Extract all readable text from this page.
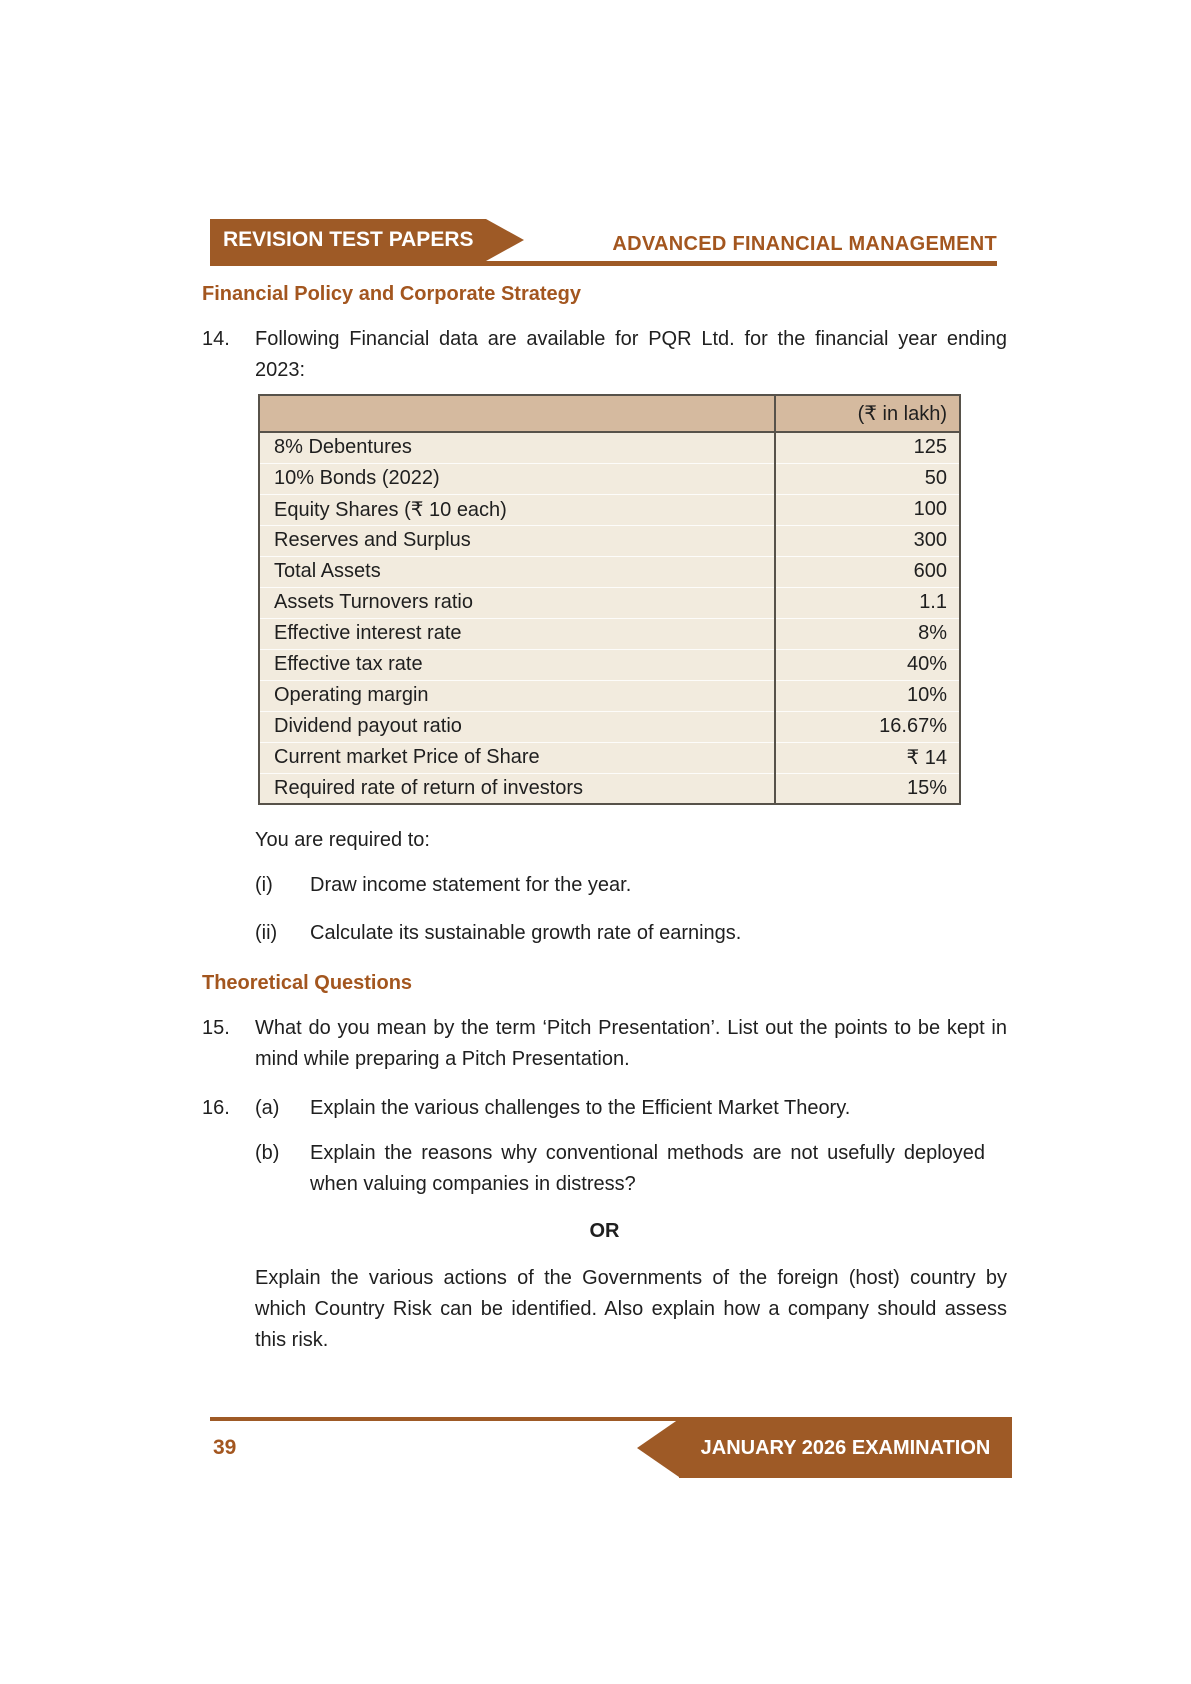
REVISION TEST PAPERS	ADVANCED FINANCIAL MANAGEMENT
Financial Policy and Corporate Strategy
14.	Following Financial data are available for PQR Ltd. for the financial year ending 2023:
	(₹ in lakh)
8% Debentures	125
10% Bonds (2022)	50
Equity Shares (₹ 10 each)	100
Reserves and Surplus	300
Total Assets	600
Assets Turnovers ratio	1.1
Effective interest rate	8%
Effective tax rate	40%
Operating margin	10%
Dividend payout ratio	16.67%
Current market Price of Share	₹ 14
Required rate of return of investors	15%
You are required to:
(i)	Draw income statement for the year.
(ii)	Calculate its sustainable growth rate of earnings.
Theoretical Questions
15.	What do you mean by the term ‘Pitch Presentation’. List out the points to be kept in mind while preparing a Pitch Presentation.
16.	(a)	Explain the various challenges to the Efficient Market Theory.
(b)	Explain the reasons why conventional methods are not usefully deployed when valuing companies in distress?
OR
Explain the various actions of the Governments of the foreign (host) country by which Country Risk can be identified. Also explain how a company should assess this risk.
39	JANUARY 2026 EXAMINATION
